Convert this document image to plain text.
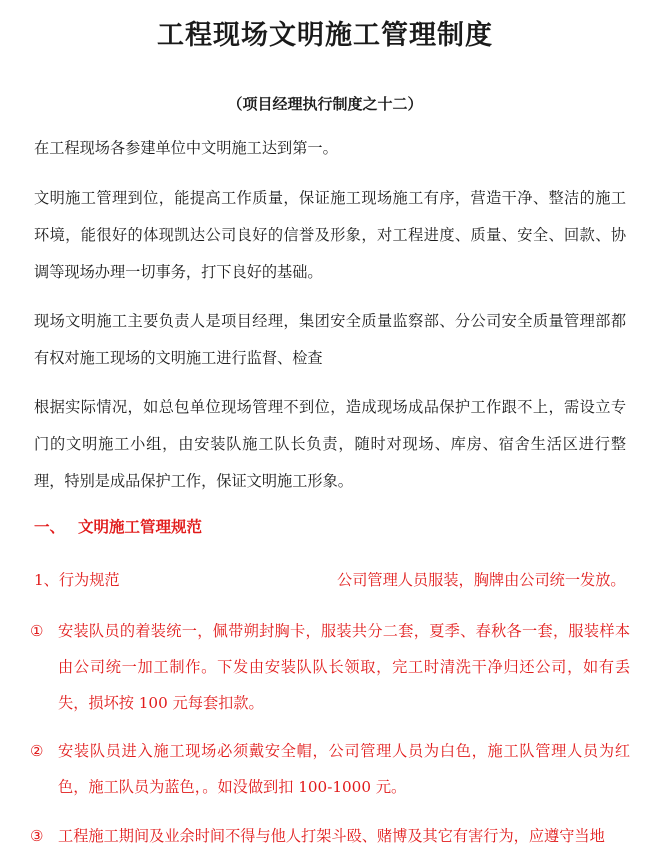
工程现场文明施工管理制度
（项目经理执行制度之十二）

在工程现场各参建单位中文明施工达到第一。

文明施工管理到位，能提高工作质量，保证施工现场施工有序，营造干净、整洁的施工环境，能很好的体现凯达公司良好的信誉及形象，对工程进度、质量、安全、回款、协调等现场办理一切事务，打下良好的基础。

现场文明施工主要负责人是项目经理，集团安全质量监察部、分公司安全质量管理部都有权对施工现场的文明施工进行监督、检查

根据实际情况，如总包单位现场管理不到位，造成现场成品保护工作跟不上，需设立专门的文明施工小组，由安装队施工队长负责，随时对现场、库房、宿舍生活区进行整理，特别是成品保护工作，保证文明施工形象。

一、 文明施工管理规范
1、行为规范	公司管理人员服装，胸牌由公司统一发放。
① 安装队员的着装统一，佩带朔封胸卡，服装共分二套，夏季、春秋各一套，服装样本由公司统一加工制作。下发由安装队队长领取，完工时清洗干净归还公司，如有丢失，损坏按 100 元每套扣款。
② 安装队员进入施工现场必须戴安全帽，公司管理人员为白色，施工队管理人员为红色，施工队员为蓝色，。如没做到扣 100-1000 元。
③ 工程施工期间及业余时间不得与他人打架斗殴、赌博及其它有害行为，应遵守当地
